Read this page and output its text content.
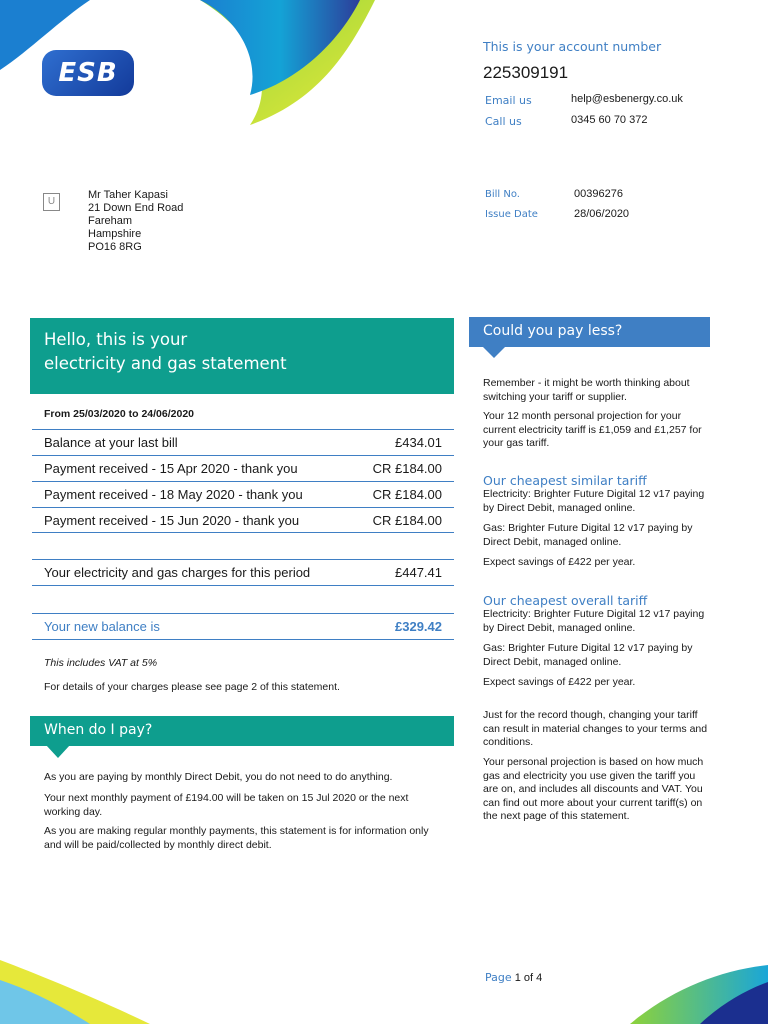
ESB
This is your account number
225309191
Email us	help@esbenergy.co.uk
Call us	0345 60 70 372
U
Mr Taher Kapasi
21 Down End Road
Fareham
Hampshire
PO16 8RG
Bill No.	00396276
Issue Date	28/06/2020
Hello, this is your
electricity and gas statement
From 25/03/2020 to 24/06/2020
Balance at your last bill	£434.01
Payment received - 15 Apr 2020 - thank you	CR £184.00
Payment received - 18 May 2020 - thank you	CR £184.00
Payment received - 15 Jun 2020 - thank you	CR £184.00
Your electricity and gas charges for this period	£447.41
Your new balance is	£329.42
This includes VAT at 5%
For details of your charges please see page 2 of this statement.
When do I pay?
As you are paying by monthly Direct Debit, you do not need to do anything.
Your next monthly payment of £194.00 will be taken on 15 Jul 2020 or the next working day.
As you are making regular monthly payments, this statement is for information only and will be paid/collected by monthly direct debit.
Could you pay less?
Remember - it might be worth thinking about switching your tariff or supplier.
Your 12 month personal projection for your current electricity tariff is £1,059 and £1,257 for your gas tariff.
Our cheapest similar tariff
Electricity: Brighter Future Digital 12 v17 paying by Direct Debit, managed online.
Gas: Brighter Future Digital 12 v17 paying by Direct Debit, managed online.
Expect savings of £422 per year.
Our cheapest overall tariff
Electricity: Brighter Future Digital 12 v17 paying by Direct Debit, managed online.
Gas: Brighter Future Digital 12 v17 paying by Direct Debit, managed online.
Expect savings of £422 per year.
Just for the record though, changing your tariff can result in material changes to your terms and conditions.
Your personal projection is based on how much gas and electricity you use given the tariff you are on, and includes all discounts and VAT. You can find out more about your current tariff(s) on the next page of this statement.
Page 1 of 4
